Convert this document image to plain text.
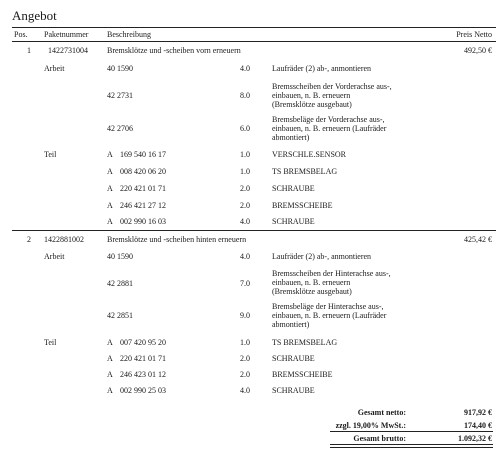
Angebot
Pos. Paketnummer Beschreibung	Preis Netto
1 1422731004 Bremsklötze und -scheiben vorn erneuern	492,50 €
Arbeit	40 1590	4.0	Laufräder (2) ab-, anmontieren
42 2731	8.0
Bremsscheiben der Vorderachse aus-,
einbauen, n. B. erneuern
(Bremsklötze ausgebaut)
42 2706	6.0
Bremsbeläge der Vorderachse aus-,
einbauen, n. B. erneuern (Laufräder
abmontiert)
Teil	A 169 540 16 17	1.0	VERSCHLE.SENSOR
A 008 420 06 20	1.0	TS BREMSBELAG
A 220 421 01 71	2.0	SCHRAUBE
A 246 421 27 12	2.0	BREMSSCHEIBE
A 002 990 16 03	4.0	SCHRAUBE
2 1422881002	Bremsklötze und -scheiben hinten erneuern	425,42 €
Arbeit	40 1590	4.0	Laufräder (2) ab-, anmontieren
42 2881	7.0
Bremsscheiben der Hinterachse aus-,
einbauen, n. B. erneuern
(Bremsklötze ausgebaut)
42 2851	9.0
Bremsbeläge der Hinterachse aus-,
einbauen, n. B. erneuern (Laufräder
abmontiert)
Teil	A 007 420 95 20	1.0	TS BREMSBELAG
A 220 421 01 71	2.0	SCHRAUBE
A 246 423 01 12	2.0	BREMSSCHEIBE
A 002 990 25 03	4.0	SCHRAUBE
Gesamt netto:	917,92 €
zzgl. 19,00% MwSt.:	174,40 €
Gesamt brutto:	1.092,32 €
